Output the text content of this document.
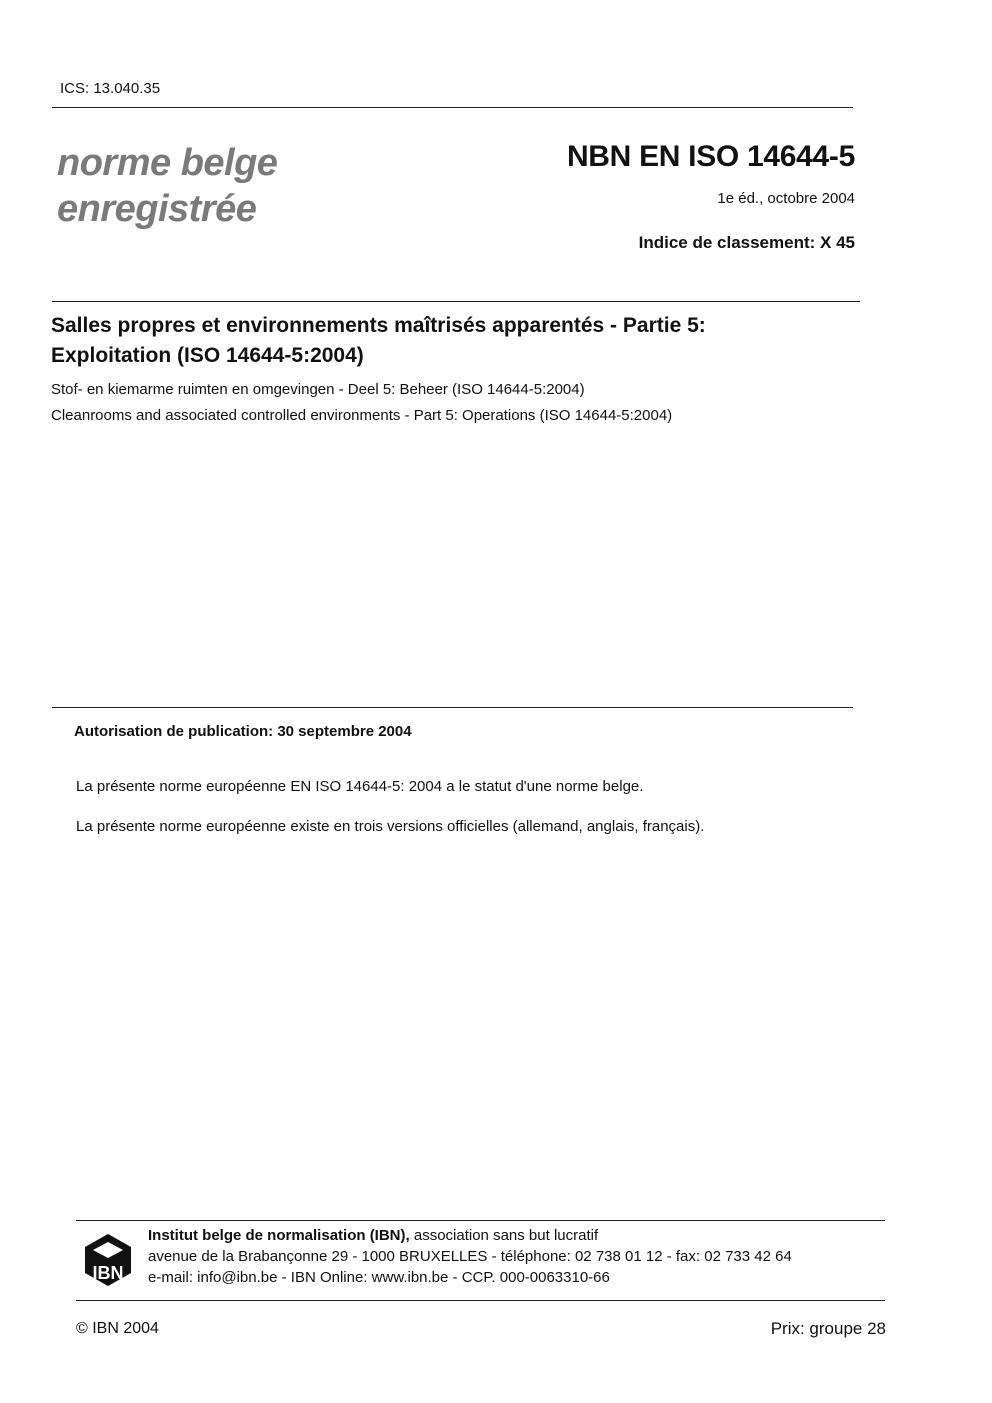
ICS: 13.040.35
norme belge
enregistrée
NBN EN ISO 14644-5
1e éd., octobre 2004
Indice de classement: X 45
Salles propres et environnements maîtrisés apparentés - Partie 5:
Exploitation (ISO 14644-5:2004)
Stof- en kiemarme ruimten en omgevingen - Deel 5: Beheer (ISO 14644-5:2004)
Cleanrooms and associated controlled environments - Part 5: Operations (ISO 14644-5:2004)
Autorisation de publication: 30 septembre 2004
La présente norme européenne EN ISO 14644-5: 2004 a le statut d'une norme belge.
La présente norme européenne existe en trois versions officielles (allemand, anglais, français).
IBN
Institut belge de normalisation (IBN), association sans but lucratif
avenue de la Brabançonne 29 - 1000 BRUXELLES - téléphone: 02 738 01 12 - fax: 02 733 42 64
e-mail: info@ibn.be - IBN Online: www.ibn.be - CCP. 000-0063310-66
© IBN 2004	Prix: groupe 28
